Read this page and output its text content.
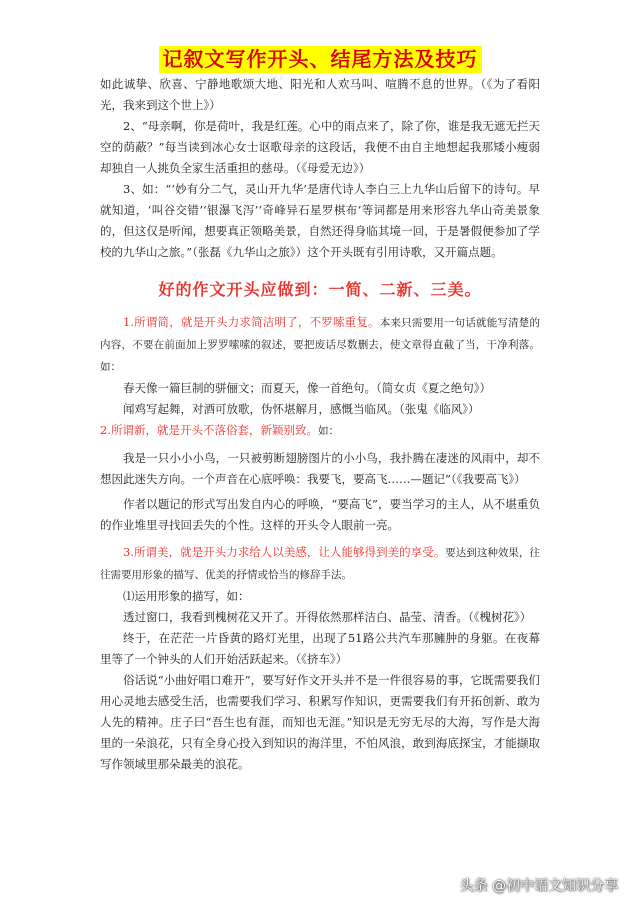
记叙文写作开头、结尾方法及技巧

如此诚挚、欣喜、宁静地歌颂大地、阳光和人欢马叫、喧腾不息的世界。（《为了看阳光，我来到这个世上》）

2、“母亲啊，你是荷叶，我是红莲。心中的雨点来了，除了你，谁是我无遮无拦天空的荫蔽？”每当读到冰心女士讴歌母亲的这段话，我便不由自主地想起我那矮小瘦弱却独自一人挑负全家生活重担的慈母。（《母爱无边》）

3、如：“‘妙有分二气，灵山开九华’是唐代诗人李白三上九华山后留下的诗句。早就知道，‘叫谷交错’‘银瀑飞泻’‘奇峰异石星罗棋布’等词都是用来形容九华山奇美景象的，但这仅是听闻，想要真正领略美景，自然还得身临其境一回，于是暑假便参加了学校的九华山之旅。”（张磊《九华山之旅》）这个开头既有引用诗歌，又开篇点题。

好的作文开头应做到：一简、二新、三美。

1.所谓简，就是开头力求简洁明了，不罗嗦重复。本来只需要用一句话就能写清楚的内容，不要在前面加上罗罗嗦嗦的叙述，要把废话尽数删去，使文章得直截了当，干净利落。如：

春天像一篇巨制的骈俪文；而夏天，像一首绝句。（简女贞《夏之绝句》）

闻鸡写起舞，对酒可放歌，伪怀堪解月，感慨当临风。（张鬼《临风》）

2.所谓新，就是开头不落俗套，新颖别致。如：

我是一只小小小鸟，一只被剪断翅膀图片的小小鸟，我扑腾在凄迷的风雨中，却不想因此迷失方向。一个声音在心底呼唤：我要飞，要高飞……—题记”（《我要高飞》）

作者以题记的形式写出发自内心的呼唤，“要高飞”，要当学习的主人，从不堪重负的作业堆里寻找回丢失的个性。这样的开头令人眼前一亮。

3.所谓美，就是开头力求给人以美感，让人能够得到美的享受。要达到这种效果，往往需要用形象的描写、优美的抒情或恰当的修辞手法。

⑴运用形象的描写，如：

透过窗口，我看到槐树花又开了。开得依然那样洁白、晶莹、清香。（《槐树花》）

终于，在茫茫一片昏黄的路灯光里，出现了51路公共汽车那臃肿的身躯。在夜幕里等了一个钟头的人们开始活跃起来。（《挤车》）

俗话说“小曲好唱口难开”，要写好作文开头并不是一件很容易的事，它既需要我们用心灵地去感受生活，也需要我们学习、积累写作知识，更需要我们有开拓创新、敢为人先的精神。庄子曰“吾生也有涯，而知也无涯。”知识是无穷无尽的大海，写作是大海里的一朵浪花，只有全身心投入到知识的海洋里，不怕风浪，敢到海底探宝，才能撷取写作领域里那朵最美的浪花。

头条 @初中语文知识分享
